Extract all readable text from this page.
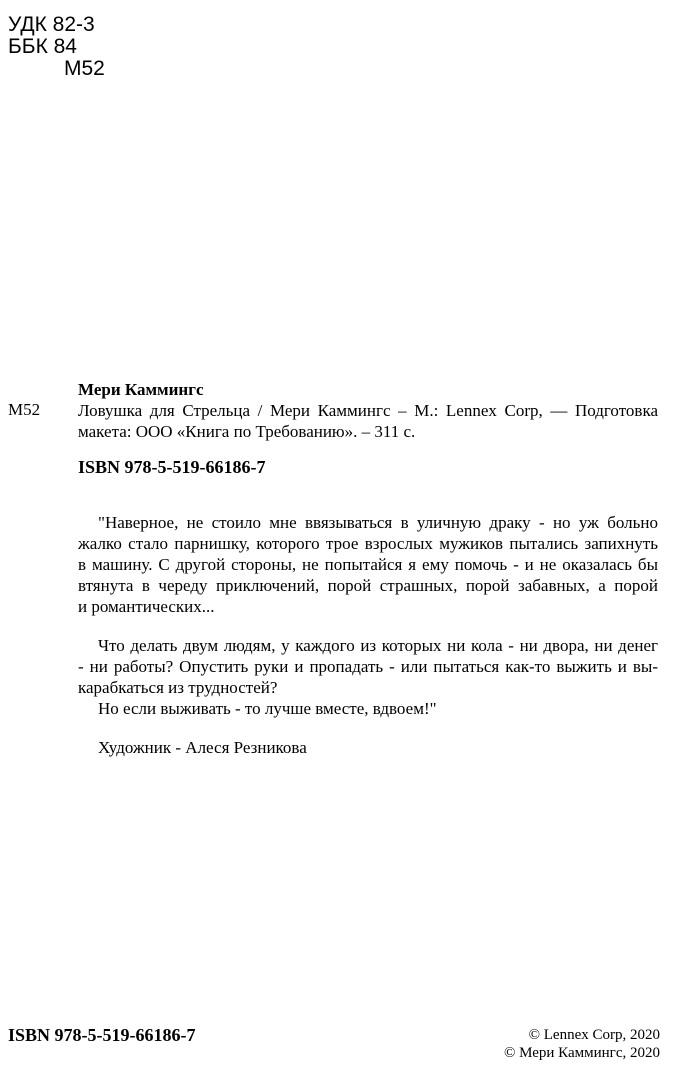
УДК 82-3
ББК 84
М52
М52
Мери Каммингс
Ловушка для Стрельца / Мери Каммингс – М.: Lennex Corp, — Подготовка
макета: ООО «Книга по Требованию». – 311 с.
ISBN 978-5-519-66186-7
"Наверное, не стоило мне ввязываться в уличную драку - но уж больно
жалко стало парнишку, которого трое взрослых мужиков пытались запихнуть
в машину. С другой стороны, не попытайся я ему помочь - и не оказалась бы
втянута в череду приключений, порой страшных, порой забавных, а порой
и романтических...
Что делать двум людям, у каждого из которых ни кола - ни двора, ни денег
- ни работы? Опустить руки и пропадать - или пытаться как-то выжить и вы-
карабкаться из трудностей?
Но если выживать - то лучше вместе, вдвоем!"
Художник - Алеся Резникова
ISBN 978-5-519-66186-7	© Lennex Corp, 2020
© Мери Каммингс, 2020
